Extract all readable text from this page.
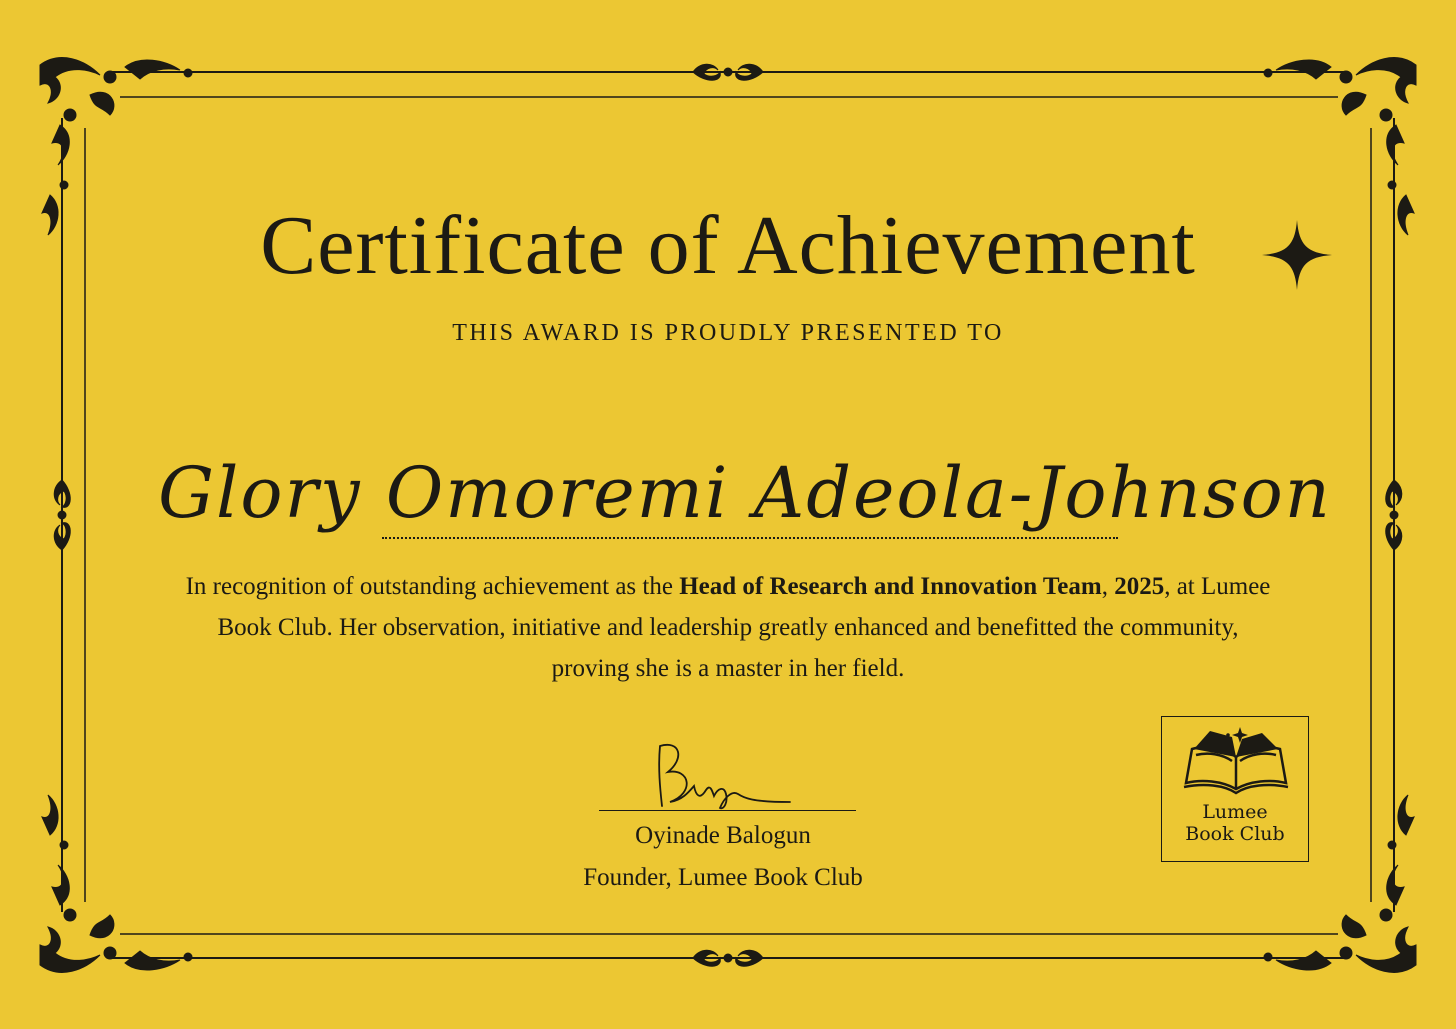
Certificate of Achievement
THIS AWARD IS PROUDLY PRESENTED TO
Glory Omoremi Adeola-Johnson
In recognition of outstanding achievement as the Head of Research and Innovation Team, 2025, at Lumee Book Club. Her observation, initiative and leadership greatly enhanced and benefitted the community, proving she is a master in her field.
Oyinade Balogun
Founder, Lumee Book Club
Lumee
Book Club
